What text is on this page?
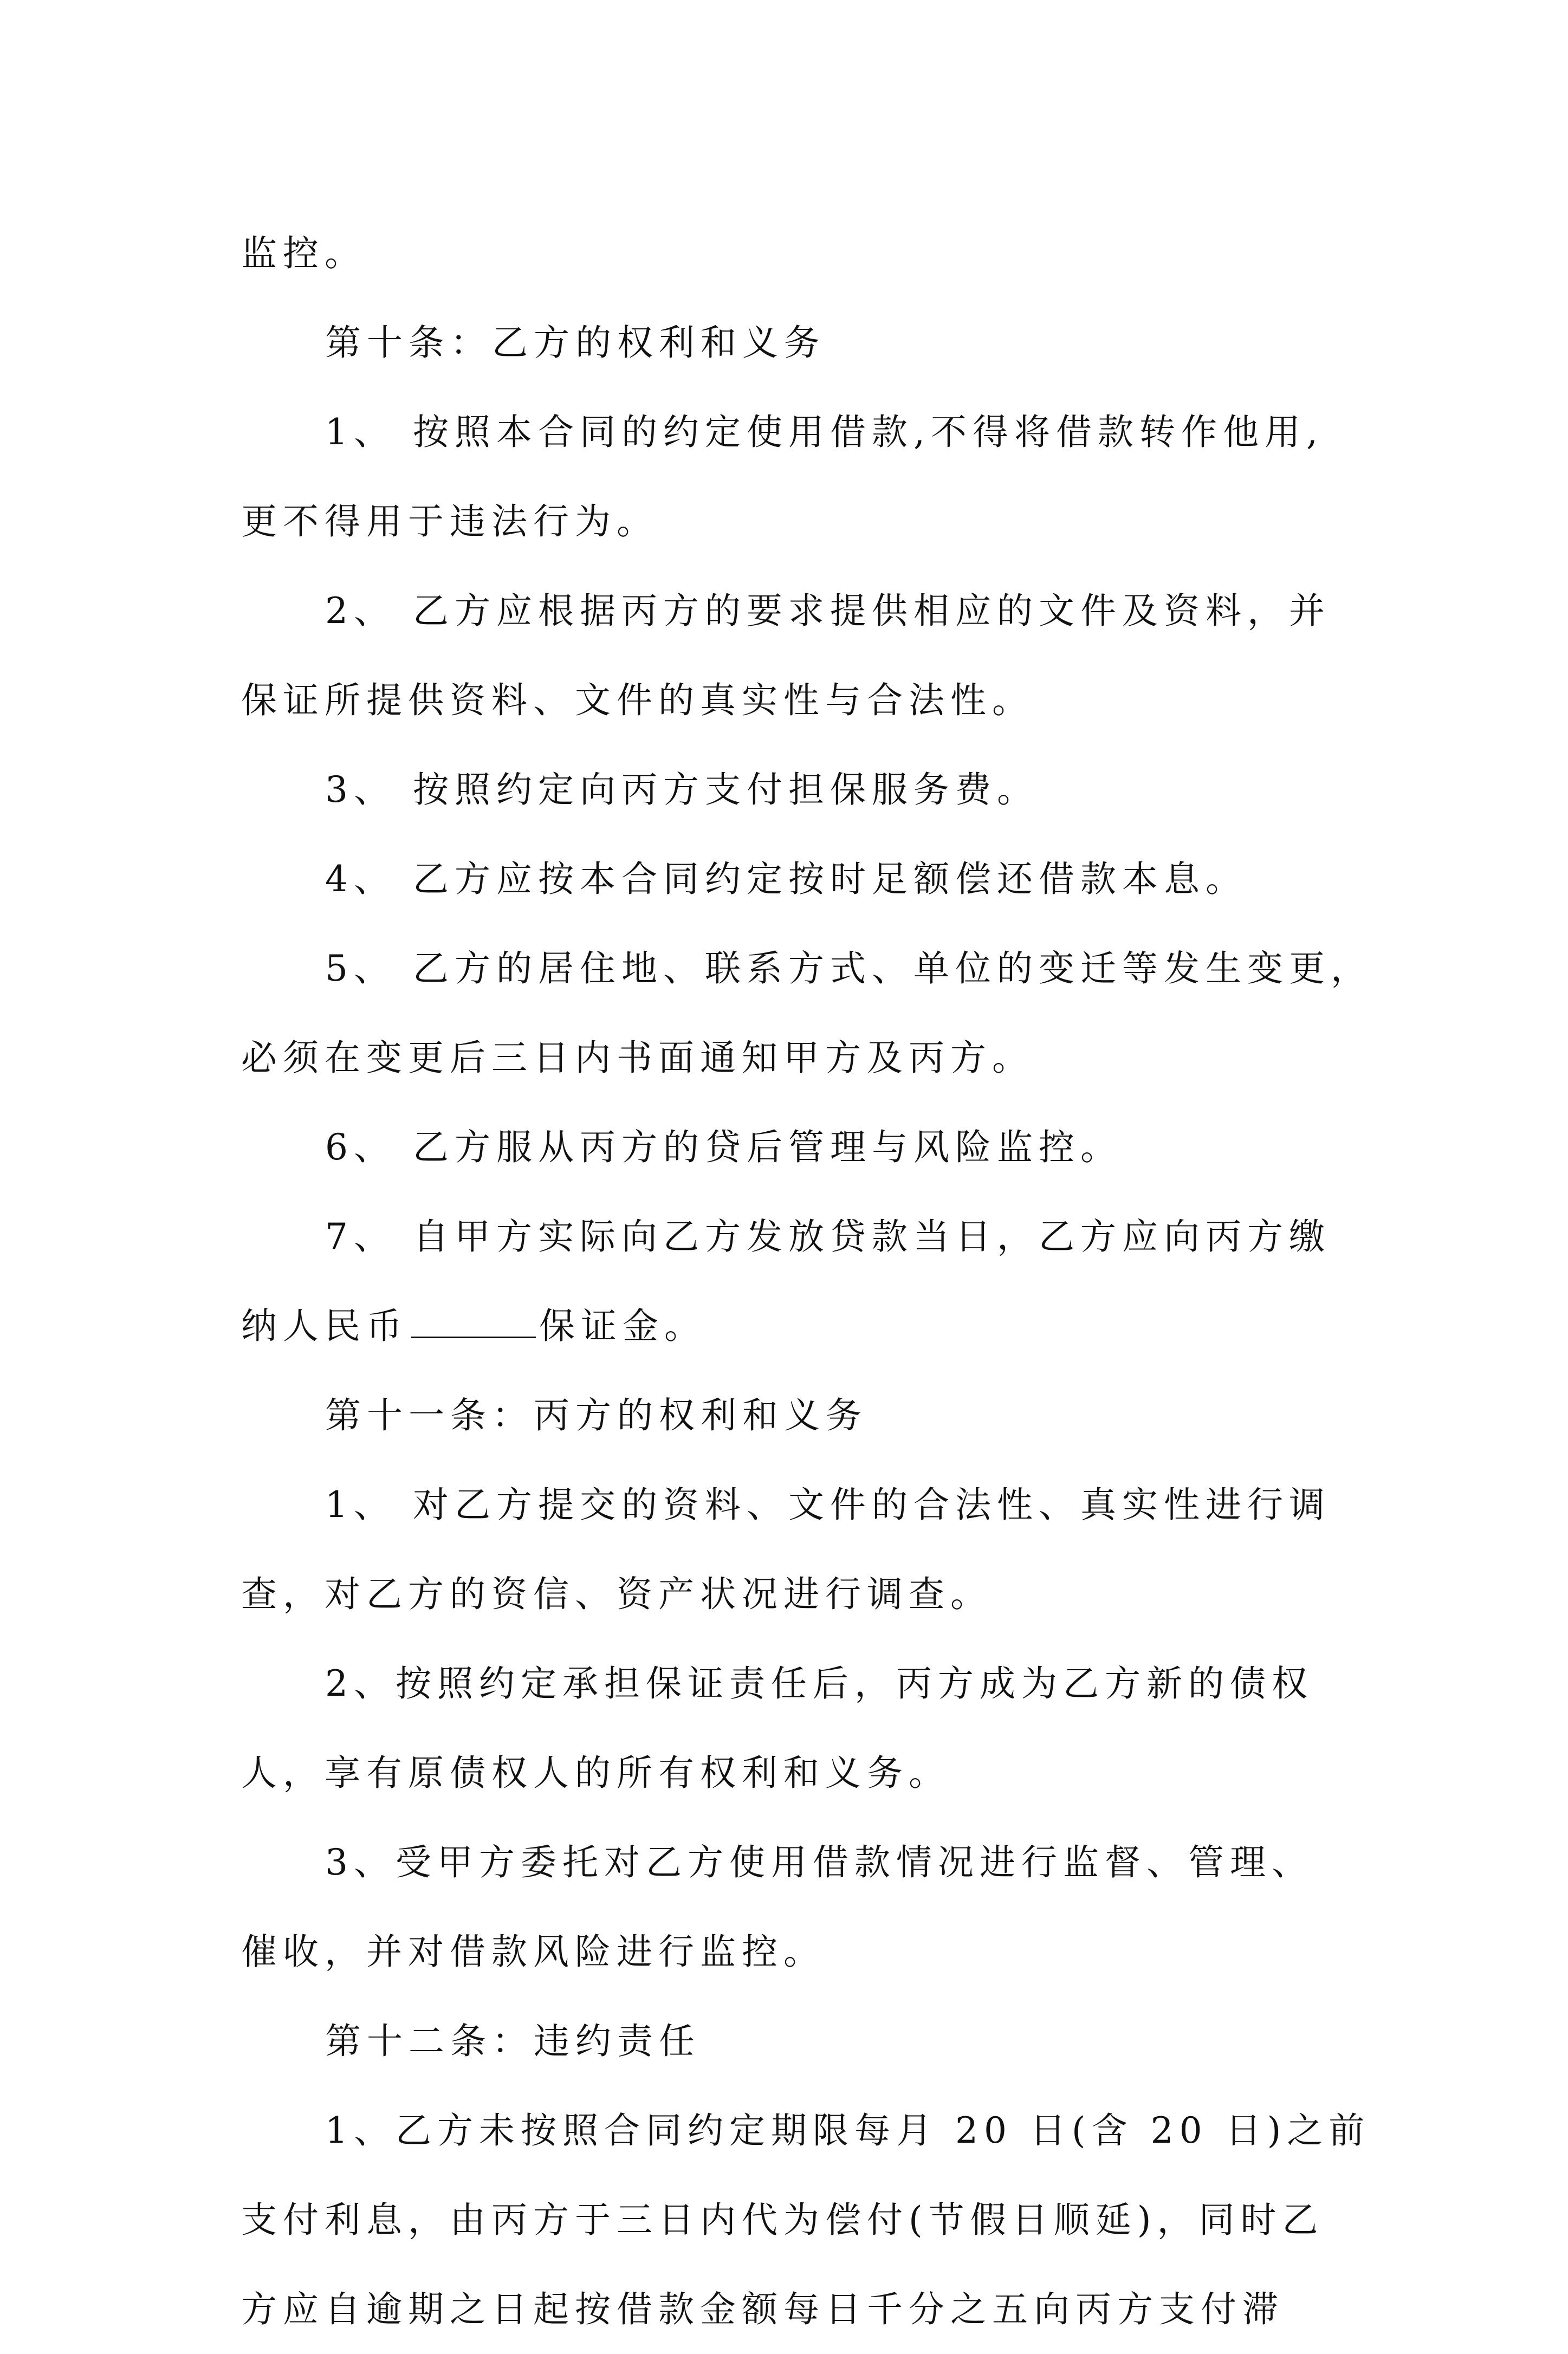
监控。
第十条：乙方的权利和义务
1、 按照本合同的约定使用借款,不得将借款转作他用,
更不得用于违法行为。
2、 乙方应根据丙方的要求提供相应的文件及资料，并
保证所提供资料、文件的真实性与合法性。
3、 按照约定向丙方支付担保服务费。
4、 乙方应按本合同约定按时足额偿还借款本息。
5、 乙方的居住地、联系方式、单位的变迁等发生变更，
必须在变更后三日内书面通知甲方及丙方。
6、 乙方服从丙方的贷后管理与风险监控。
7、 自甲方实际向乙方发放贷款当日，乙方应向丙方缴
纳人民币	保证金。
第十一条：丙方的权利和义务
1、 对乙方提交的资料、文件的合法性、真实性进行调
查，对乙方的资信、资产状况进行调查。
2、按照约定承担保证责任后，丙方成为乙方新的债权
人，享有原债权人的所有权利和义务。
3、受甲方委托对乙方使用借款情况进行监督、管理、
催收，并对借款风险进行监控。
第十二条：违约责任
1、乙方未按照合同约定期限每月 20 日(含 20 日)之前
支付利息，由丙方于三日内代为偿付(节假日顺延)，同时乙
方应自逾期之日起按借款金额每日千分之五向丙方支付滞
